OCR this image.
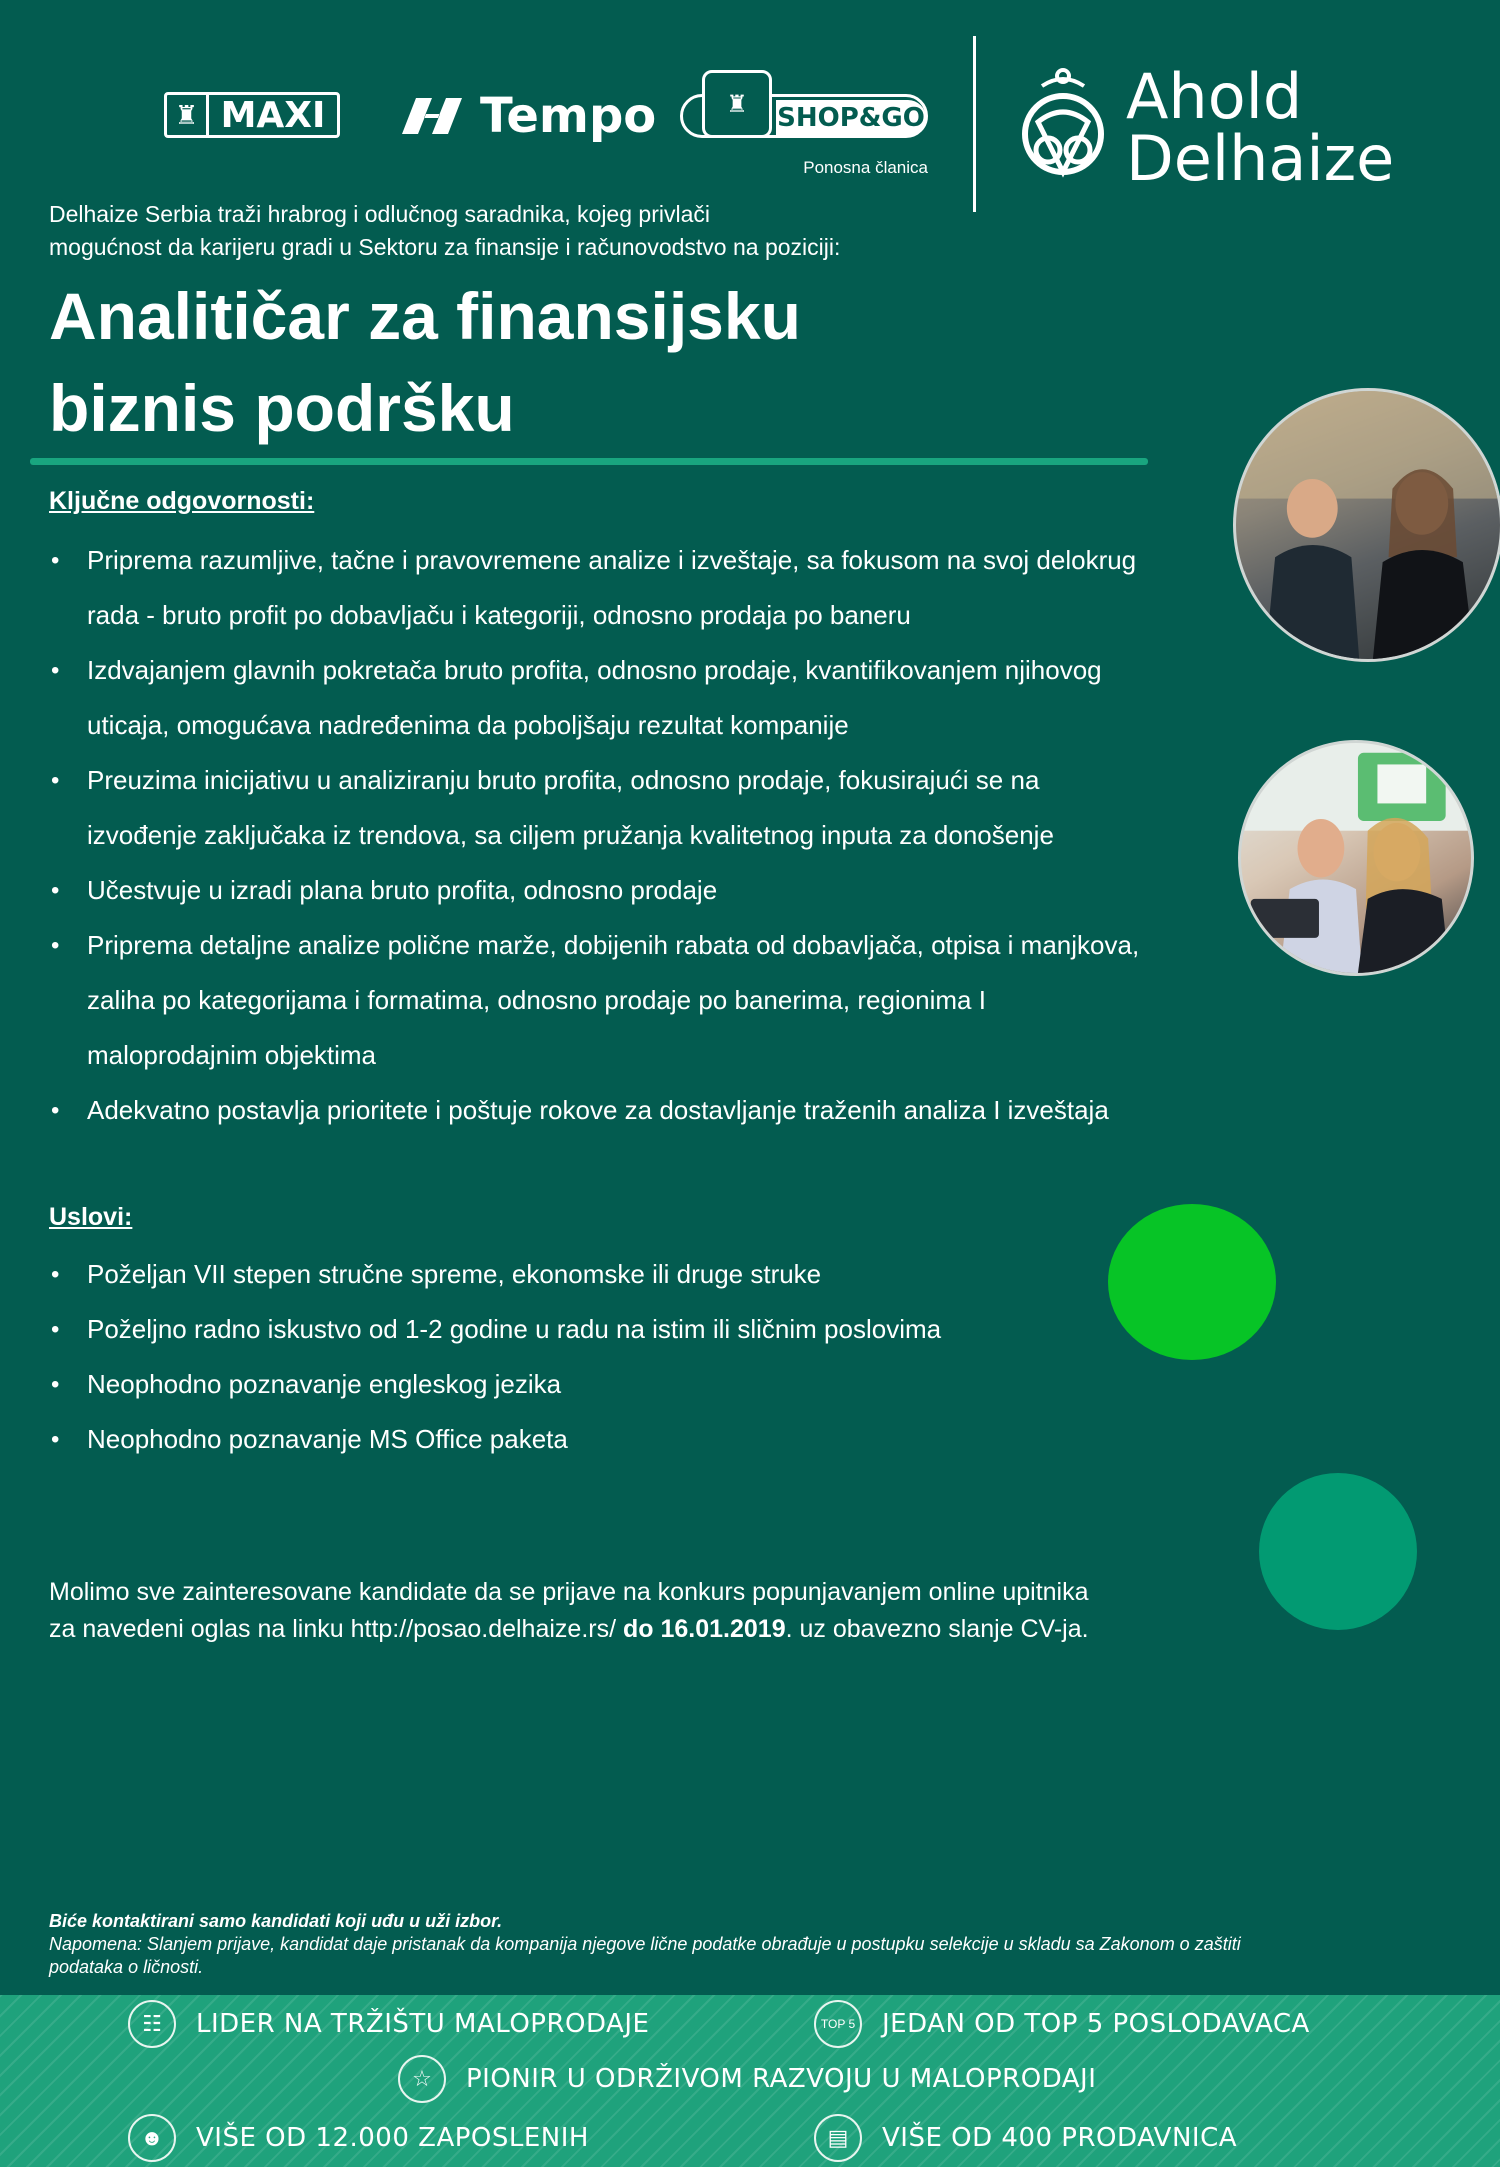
♜ MAXI	Tempo	♜	SHOP&GO
Ponosna članica
Ahold
Delhaize
Delhaize Serbia traži hrabrog i odlučnog saradnika, kojeg privlači
mogućnost da karijeru gradi u Sektoru za finansije i računovodstvo na poziciji:
Analitičar za finansijsku
biznis podršku
Ključne odgovornosti:
• Priprema razumljive, tačne i pravovremene analize i izveštaje, sa fokusom na svoj delokrug
rada - bruto profit po dobavljaču i kategoriji, odnosno prodaja po baneru
• Izdvajanjem glavnih pokretača bruto profita, odnosno prodaje, kvantifikovanjem njihovog
uticaja, omogućava nadređenima da poboljšaju rezultat kompanije
• Preuzima inicijativu u analiziranju bruto profita, odnosno prodaje, fokusirajući se na
izvođenje zaključaka iz trendova, sa ciljem pružanja kvalitetnog inputa za donošenje
• Učestvuje u izradi plana bruto profita, odnosno prodaje
• Priprema detaljne analize polične marže, dobijenih rabata od dobavljača, otpisa i manjkova,
zaliha po kategorijama i formatima, odnosno prodaje po banerima, regionima I
maloprodajnim objektima
• Adekvatno postavlja prioritete i poštuje rokove za dostavljanje traženih analiza I izveštaja
Uslovi:
• Poželjan VII stepen stručne spreme, ekonomske ili druge struke
• Poželjno radno iskustvo od 1-2 godine u radu na istim ili sličnim poslovima
• Neophodno poznavanje engleskog jezika
• Neophodno poznavanje MS Office paketa
Molimo sve zainteresovane kandidate da se prijave na konkurs popunjavanjem online upitnika
za navedeni oglas na linku http://posao.delhaize.rs/ do 16.01.2019. uz obavezno slanje CV-ja.
Biće kontaktirani samo kandidati koji uđu u uži izbor.
Napomena: Slanjem prijave, kandidat daje pristanak da kompanija njegove lične podatke obrađuje u postupku selekcije u skladu sa Zakonom o zaštiti
podataka o ličnosti.
☷	LIDER NA TRŽIŠTU MALOPRODAJE	TOP 5 JEDAN OD TOP 5 POSLODAVACA
☆	PIONIR U ODRŽIVOM RAZVOJU U MALOPRODAJI
☻	VIŠE OD 12.000 ZAPOSLENIH	▤	VIŠE OD 400 PRODAVNICA
